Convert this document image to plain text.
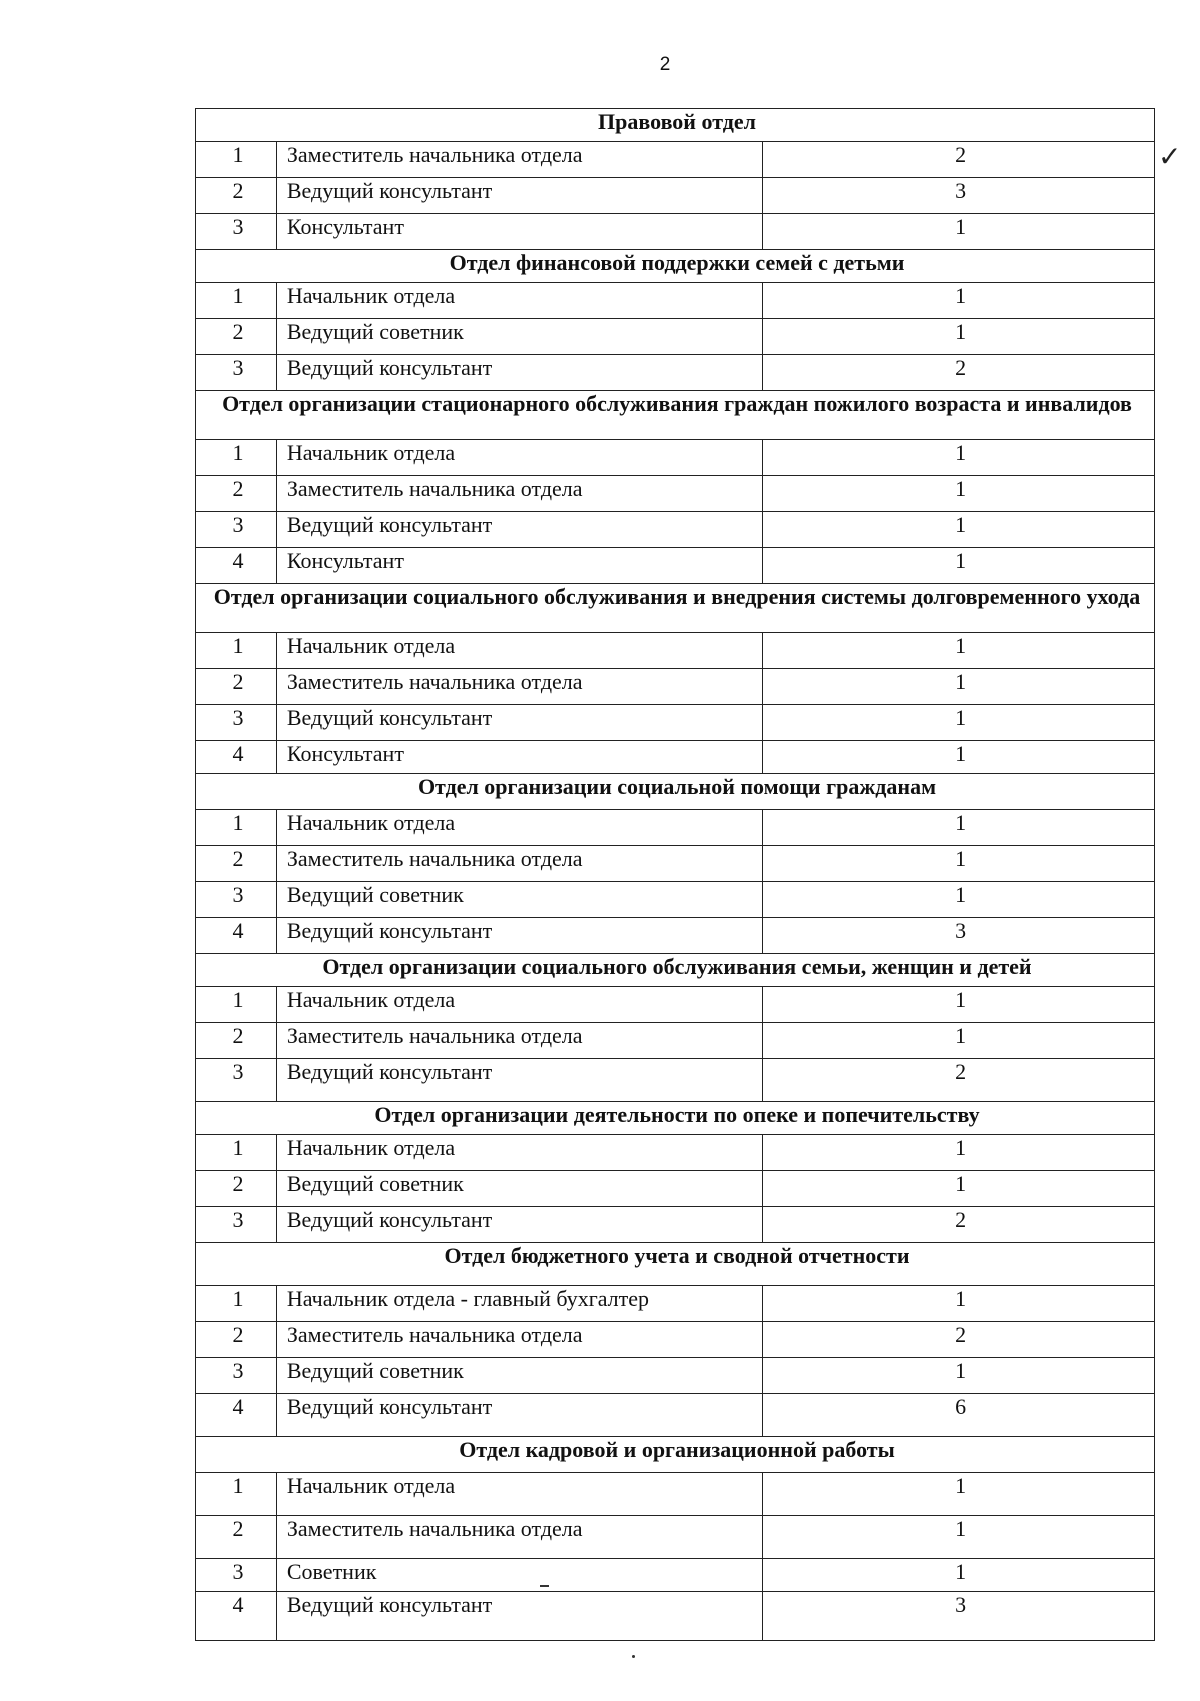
2
✓
Правовой отдел		
1	Заместитель начальника отдела	2
2	Ведущий консультант	3
3	Консультант	1
Отдел финансовой поддержки семей с детьми		
1	Начальник отдела	1
2	Ведущий советник	1
3	Ведущий консультант	2
Отдел организации стационарного обслуживания граждан пожилого возраста и инвалидов		
1	Начальник отдела	1
2	Заместитель начальника отдела	1
3	Ведущий консультант	1
4	Консультант	1
Отдел организации социального обслуживания и внедрения системы долговременного ухода		
1	Начальник отдела	1
2	Заместитель начальника отдела	1
3	Ведущий консультант	1
4	Консультант	1
Отдел организации социальной помощи гражданам		
1	Начальник отдела	1
2	Заместитель начальника отдела	1
3	Ведущий советник	1
4	Ведущий консультант	3
Отдел организации социального обслуживания семьи, женщин и детей		
1	Начальник отдела	1
2	Заместитель начальника отдела	1
3	Ведущий консультант	2
Отдел организации деятельности по опеке и попечительству		
1	Начальник отдела	1
2	Ведущий советник	1
3	Ведущий консультант	2
Отдел бюджетного учета и сводной отчетности		
1	Начальник отдела - главный бухгалтер	1
2	Заместитель начальника отдела	2
3	Ведущий советник	1
4	Ведущий консультант	6
Отдел кадровой и организационной работы		
1	Начальник отдела	1
2	Заместитель начальника отдела	1
3	Советник	1
4	Ведущий консультант	3
